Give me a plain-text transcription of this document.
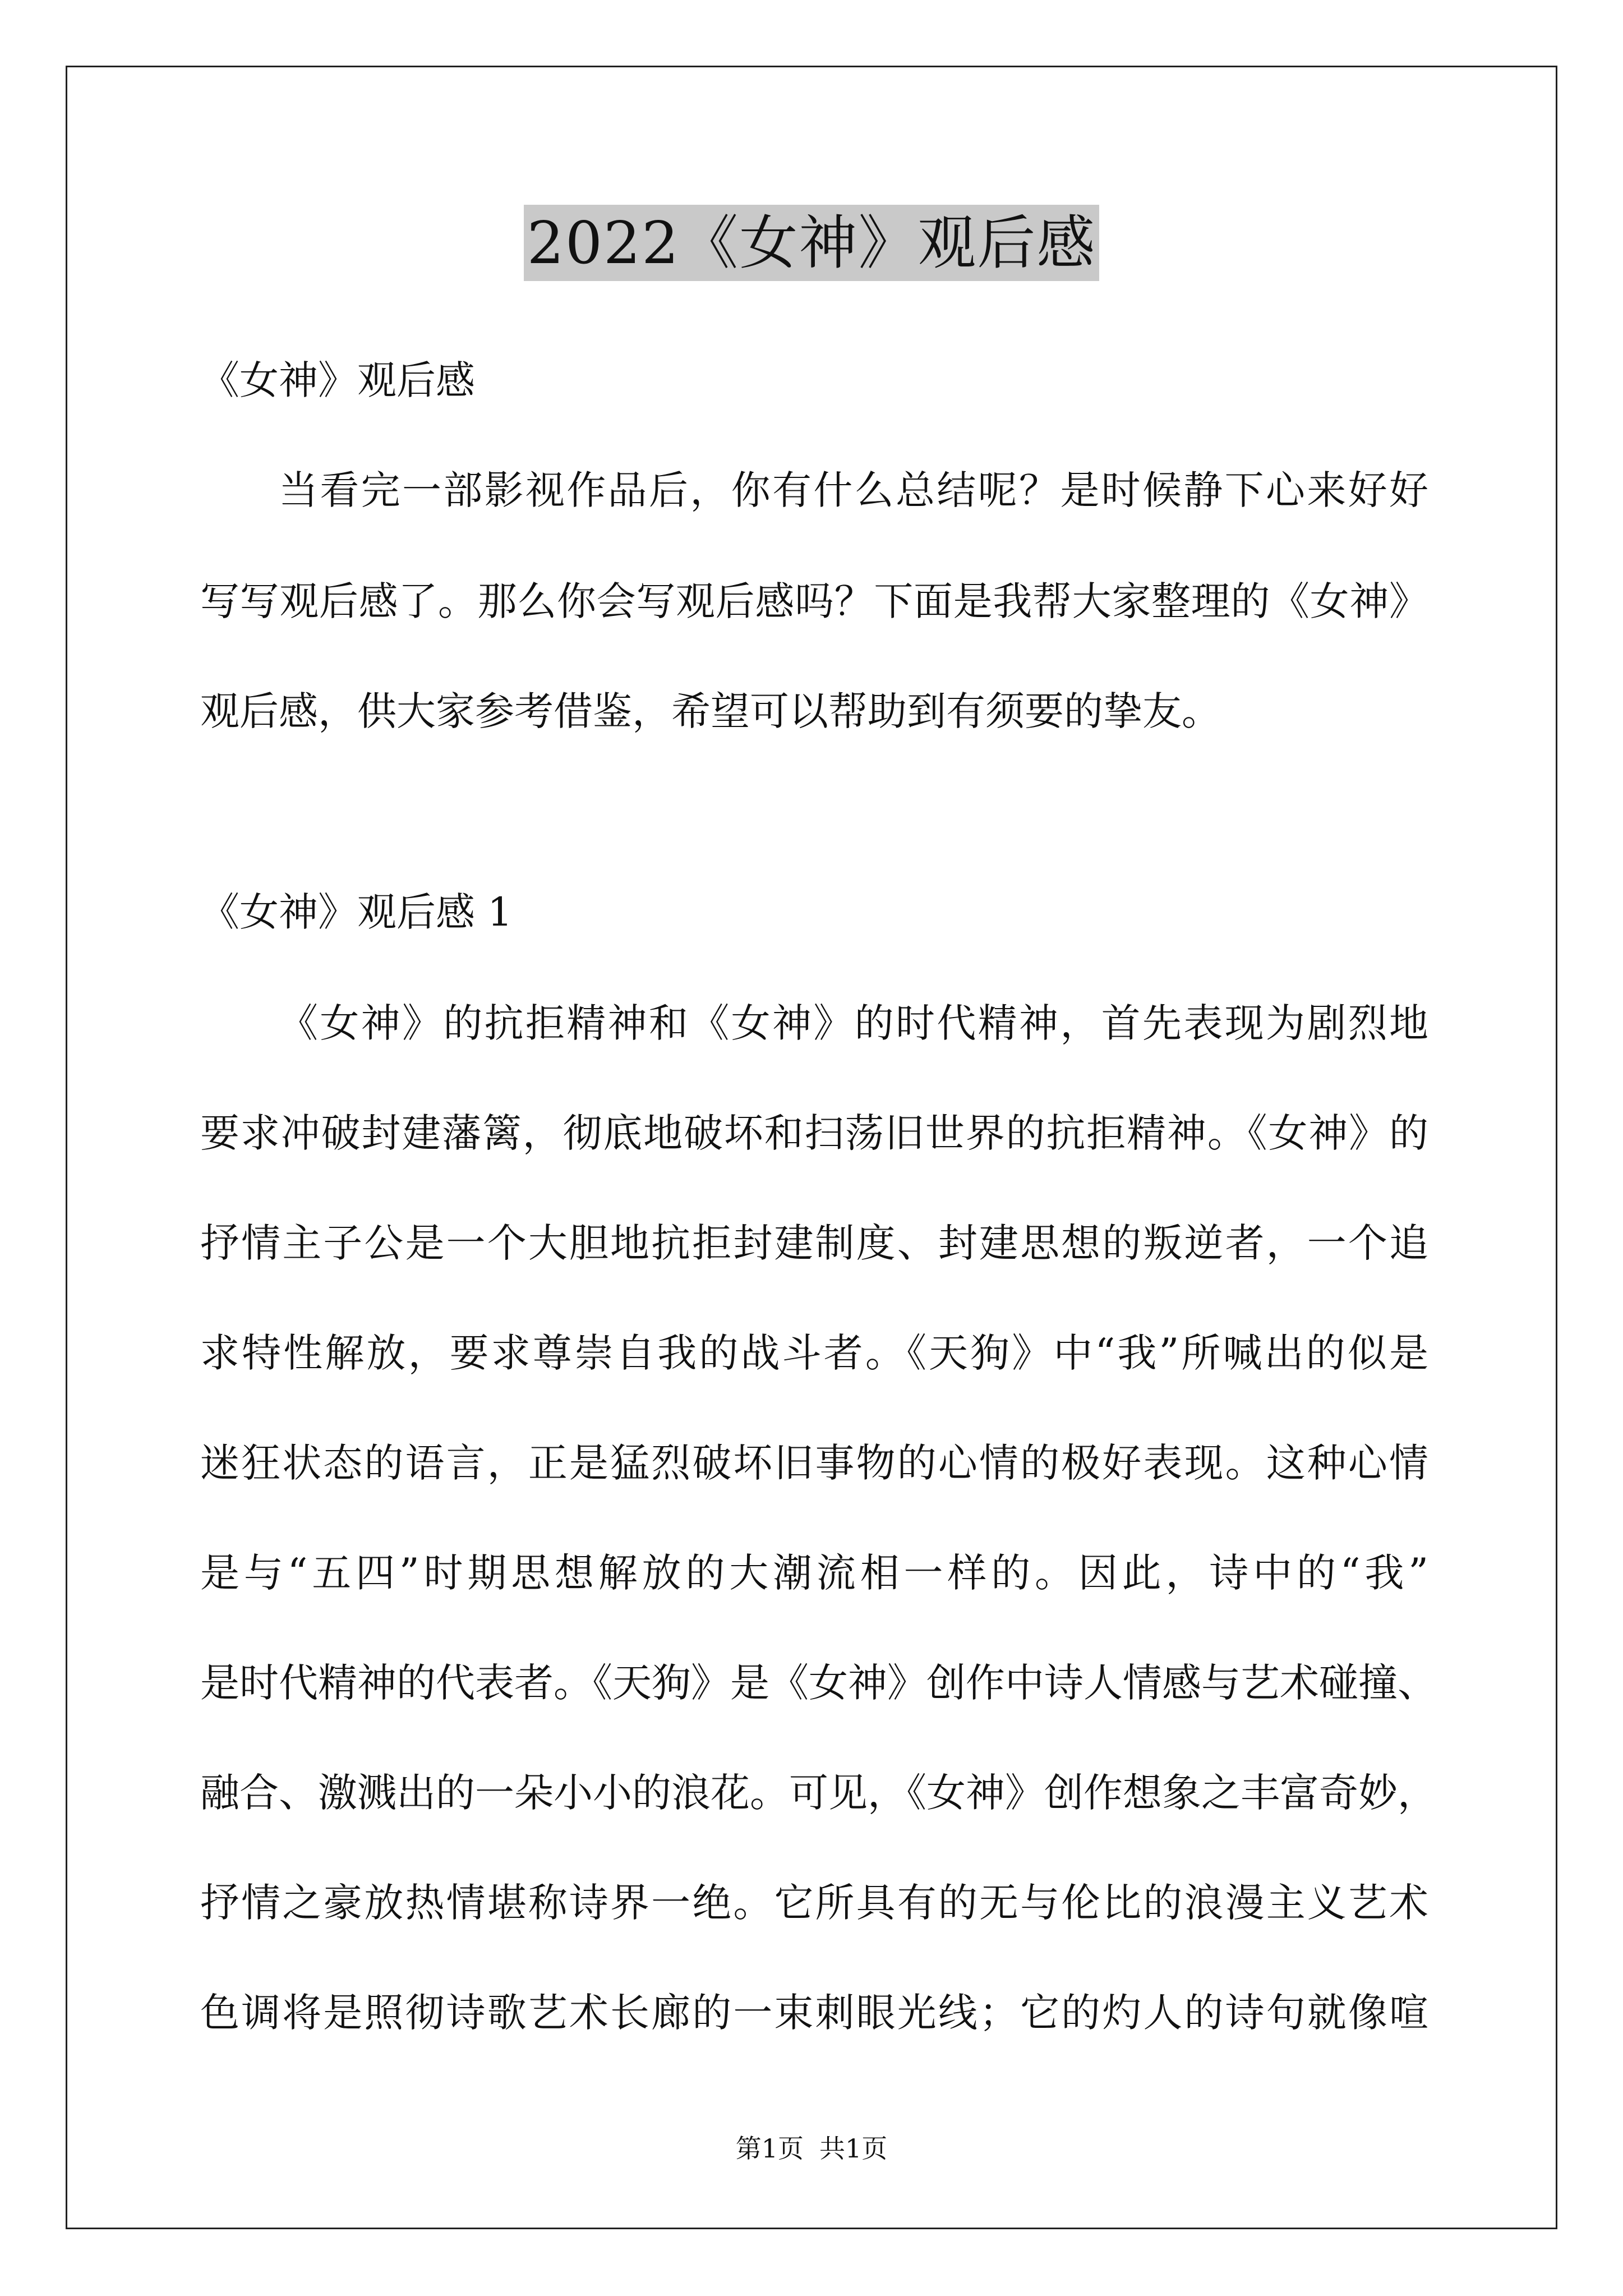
2022《女神》观后感
《女神》观后感
当看完一部影视作品后，你有什么总结呢？是时候静下心来好好
写写观后感了。那么你会写观后感吗？下面是我帮大家整理的《女神》
观后感，供大家参考借鉴，希望可以帮助到有须要的挚友。
《女神》观后感 1
《女神》的抗拒精神和《女神》的时代精神，首先表现为剧烈地
要求冲破封建藩篱，彻底地破坏和扫荡旧世界的抗拒精神。《女神》的
抒情主子公是一个大胆地抗拒封建制度、封建思想的叛逆者，一个追
求特性解放，要求尊崇自我的战斗者。《天狗》中“我”所喊出的似是
迷狂状态的语言，正是猛烈破坏旧事物的心情的极好表现。这种心情
是与“五四”时期思想解放的大潮流相一样的。因此，诗中的“我”
是时代精神的代表者。《天狗》是《女神》创作中诗人情感与艺术碰撞、
融合、激溅出的一朵小小的浪花。可见，《女神》创作想象之丰富奇妙，
抒情之豪放热情堪称诗界一绝。它所具有的无与伦比的浪漫主义艺术
色调将是照彻诗歌艺术长廊的一束刺眼光线；它的灼人的诗句就像喧
第1页 共1页
